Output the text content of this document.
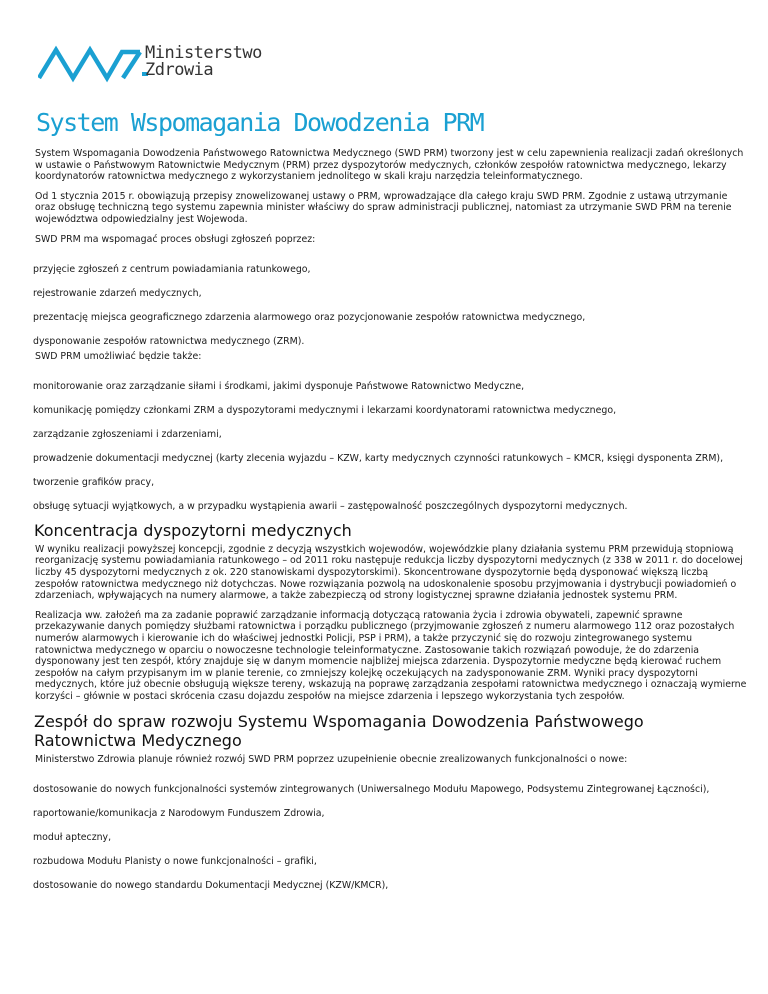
Ministerstwo
Zdrowia
System Wspomagania Dowodzenia PRM

System Wspomagania Dowodzenia Państwowego Ratownictwa Medycznego (SWD PRM) tworzony jest w celu zapewnienia realizacji zadań określonych w ustawie o Państwowym Ratownictwie Medycznym (PRM) przez dyspozytorów medycznych, członków zespołów ratownictwa medycznego, lekarzy koordynatorów ratownictwa medycznego z wykorzystaniem jednolitego w skali kraju narzędzia teleinformatycznego.

Od 1 stycznia 2015 r. obowiązują przepisy znowelizowanej ustawy o PRM, wprowadzające dla całego kraju SWD PRM. Zgodnie z ustawą utrzymanie oraz obsługę techniczną tego systemu zapewnia minister właściwy do spraw administracji publicznej, natomiast za utrzymanie SWD PRM na terenie województwa odpowiedzialny jest Wojewoda.

SWD PRM ma wspomagać proces obsługi zgłoszeń poprzez:

przyjęcie zgłoszeń z centrum powiadamiania ratunkowego,
rejestrowanie zdarzeń medycznych,
prezentację miejsca geograficznego zdarzenia alarmowego oraz pozycjonowanie zespołów ratownictwa medycznego,
dysponowanie zespołów ratownictwa medycznego (ZRM).

SWD PRM umożliwiać będzie także:

monitorowanie oraz zarządzanie siłami i środkami, jakimi dysponuje Państwowe Ratownictwo Medyczne,
komunikację pomiędzy członkami ZRM a dyspozytorami medycznymi i lekarzami koordynatorami ratownictwa medycznego,
zarządzanie zgłoszeniami i zdarzeniami,
prowadzenie dokumentacji medycznej (karty zlecenia wyjazdu – KZW, karty medycznych czynności ratunkowych – KMCR, księgi dysponenta ZRM),
tworzenie grafików pracy,
obsługę sytuacji wyjątkowych, a w przypadku wystąpienia awarii – zastępowalność poszczególnych dyspozytorni medycznych.
Koncentracja dyspozytorni medycznych

W wyniku realizacji powyższej koncepcji, zgodnie z decyzją wszystkich wojewodów, wojewódzkie plany działania systemu PRM przewidują stopniową reorganizację systemu powiadamiania ratunkowego – od 2011 roku następuje redukcja liczby dyspozytorni medycznych (z 338 w 2011 r. do docelowej liczby 45 dyspozytorni medycznych z ok. 220 stanowiskami dyspozytorskimi). Skoncentrowane dyspozytornie będą dysponować większą liczbą zespołów ratownictwa medycznego niż dotychczas. Nowe rozwiązania pozwolą na udoskonalenie sposobu przyjmowania i dystrybucji powiadomień o zdarzeniach, wpływających na numery alarmowe, a także zabezpieczą od strony logistycznej sprawne działania jednostek systemu PRM.

Realizacja ww. założeń ma za zadanie poprawić zarządzanie informacją dotyczącą ratowania życia i zdrowia obywateli, zapewnić sprawne przekazywanie danych pomiędzy służbami ratownictwa i porządku publicznego (przyjmowanie zgłoszeń z numeru alarmowego 112 oraz pozostałych numerów alarmowych i kierowanie ich do właściwej jednostki Policji, PSP i PRM), a także przyczynić się do rozwoju zintegrowanego systemu ratownictwa medycznego w oparciu o nowoczesne technologie teleinformatyczne. Zastosowanie takich rozwiązań powoduje, że do zdarzenia dysponowany jest ten zespół, który znajduje się w danym momencie najbliżej miejsca zdarzenia. Dyspozytornie medyczne będą kierować ruchem zespołów na całym przypisanym im w planie terenie, co zmniejszy kolejkę oczekujących na zadysponowanie ZRM. Wyniki pracy dyspozytorni medycznych, które już obecnie obsługują większe tereny, wskazują na poprawę zarządzania zespołami ratownictwa medycznego i oznaczają wymierne korzyści – głównie w postaci skrócenia czasu dojazdu zespołów na miejsce zdarzenia i lepszego wykorzystania tych zespołów.

Zespół do spraw rozwoju Systemu Wspomagania Dowodzenia Państwowego Ratownictwa Medycznego

Ministerstwo Zdrowia planuje również rozwój SWD PRM poprzez uzupełnienie obecnie zrealizowanych funkcjonalności o nowe:

dostosowanie do nowych funkcjonalności systemów zintegrowanych (Uniwersalnego Modułu Mapowego, Podsystemu Zintegrowanej Łączności),
raportowanie/komunikacja z Narodowym Funduszem Zdrowia,
moduł apteczny,
rozbudowa Modułu Planisty o nowe funkcjonalności – grafiki,
dostosowanie do nowego standardu Dokumentacji Medycznej (KZW/KMCR),
